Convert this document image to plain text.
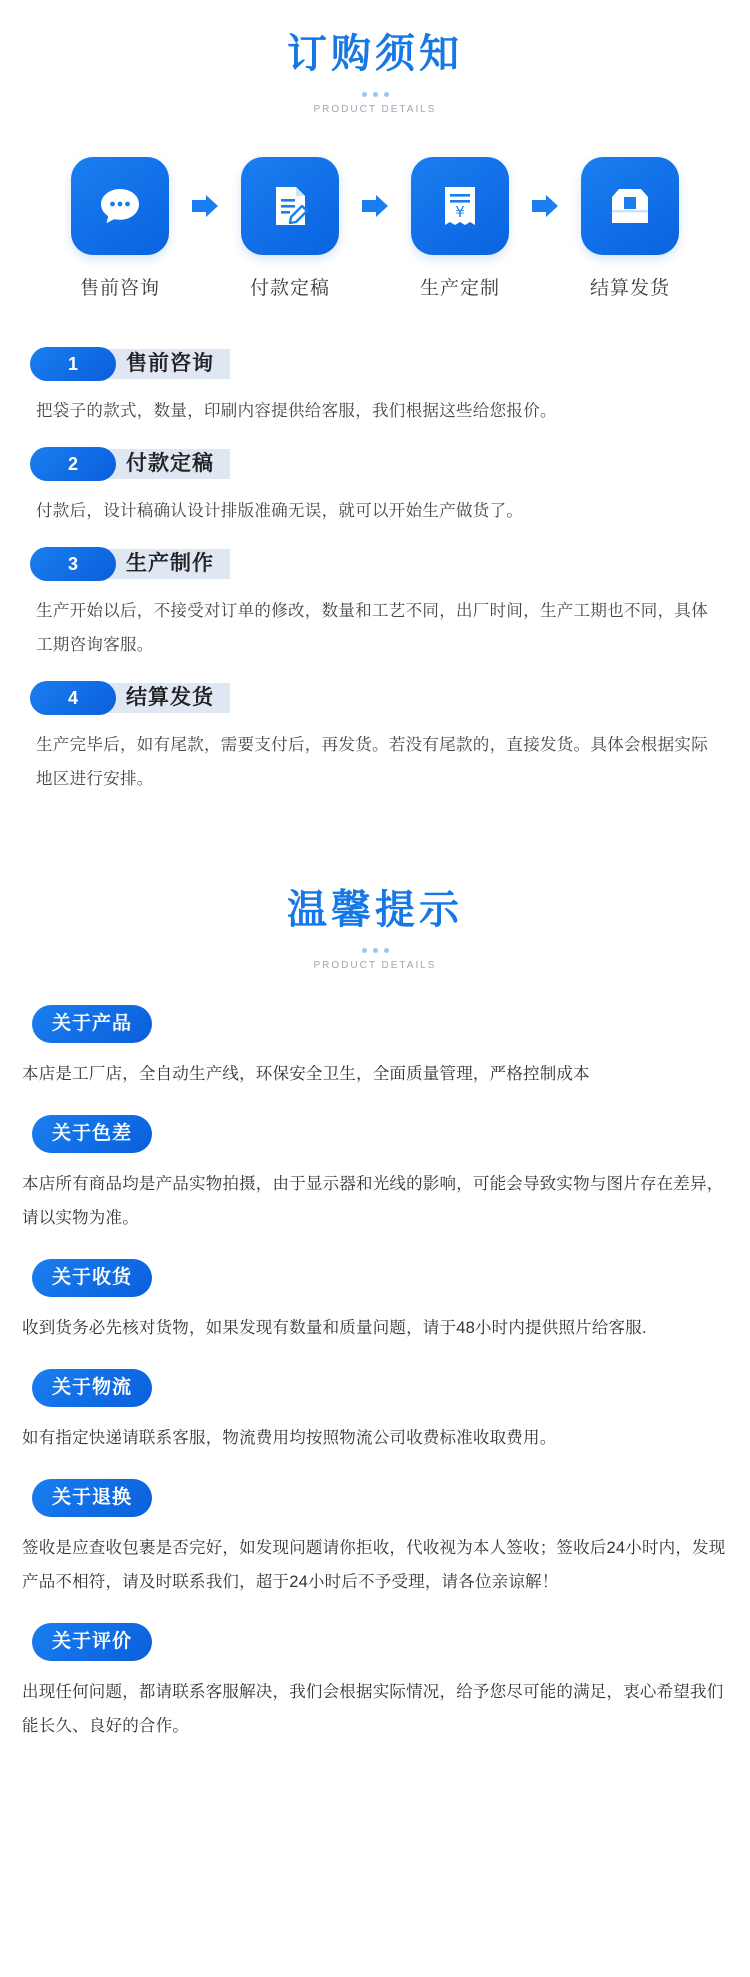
订购须知
PRODUCT DETAILS
售前咨询	付款定稿
¥
生产定制	结算发货
1	售前咨询
把袋子的款式，数量，印刷内容提供给客服，我们根据这些给您报价。
2	付款定稿
付款后，设计稿确认设计排版准确无误，就可以开始生产做货了。
3	生产制作
生产开始以后，不接受对订单的修改，数量和工艺不同，出厂时间，生产工期也不同，具体工期咨询客服。
4	结算发货
生产完毕后，如有尾款，需要支付后，再发货。若没有尾款的，直接发货。具体会根据实际地区进行安排。
温馨提示
PRODUCT DETAILS
关于产品
本店是工厂店，全自动生产线，环保安全卫生，全面质量管理，严格控制成本
关于色差
本店所有商品均是产品实物拍摄，由于显示器和光线的影响，可能会导致实物与图片存在差异，请以实物为准。
关于收货
收到货务必先核对货物，如果发现有数量和质量问题，请于48小时内提供照片给客服.
关于物流
如有指定快递请联系客服，物流费用均按照物流公司收费标准收取费用。
关于退换
签收是应查收包裹是否完好，如发现问题请你拒收，代收视为本人签收；签收后24小时内，发现产品不相符，请及时联系我们，超于24小时后不予受理，请各位亲谅解！
关于评价
出现任何问题，都请联系客服解决，我们会根据实际情况，给予您尽可能的满足，衷心希望我们能长久、良好的合作。
